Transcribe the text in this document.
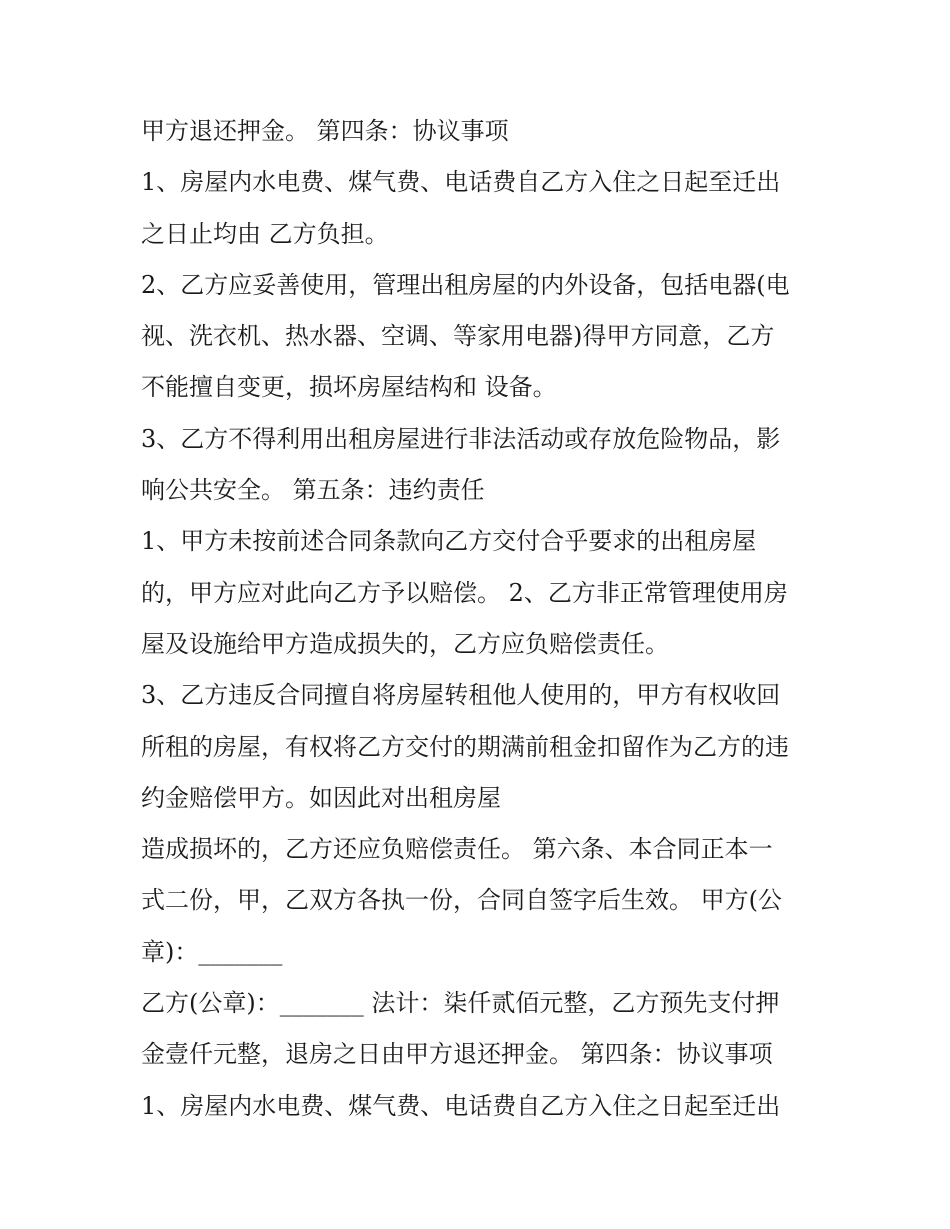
甲方退还押金。 第四条：协议事项
1、房屋内水电费、煤气费、电话费自乙方入住之日起至迁出
之日止均由 乙方负担。
2、乙方应妥善使用，管理出租房屋的内外设备，包括电器(电
视、洗衣机、热水器、空调、等家用电器)得甲方同意，乙方
不能擅自变更，损坏房屋结构和 设备。
3、乙方不得利用出租房屋进行非法活动或存放危险物品，影
响公共安全。 第五条：违约责任
1、甲方未按前述合同条款向乙方交付合乎要求的出租房屋
的，甲方应对此向乙方予以赔偿。 2、乙方非正常管理使用房
屋及设施给甲方造成损失的，乙方应负赔偿责任。
3、乙方违反合同擅自将房屋转租他人使用的，甲方有权收回
所租的房屋，有权将乙方交付的期满前租金扣留作为乙方的违
约金赔偿甲方。如因此对出租房屋
造成损坏的，乙方还应负赔偿责任。 第六条、本合同正本一
式二份，甲，乙双方各执一份，合同自签字后生效。 甲方(公
章)：_______
乙方(公章)：_______ 法计：柒仟贰佰元整，乙方预先支付押
金壹仟元整，退房之日由甲方退还押金。 第四条：协议事项
1、房屋内水电费、煤气费、电话费自乙方入住之日起至迁出
